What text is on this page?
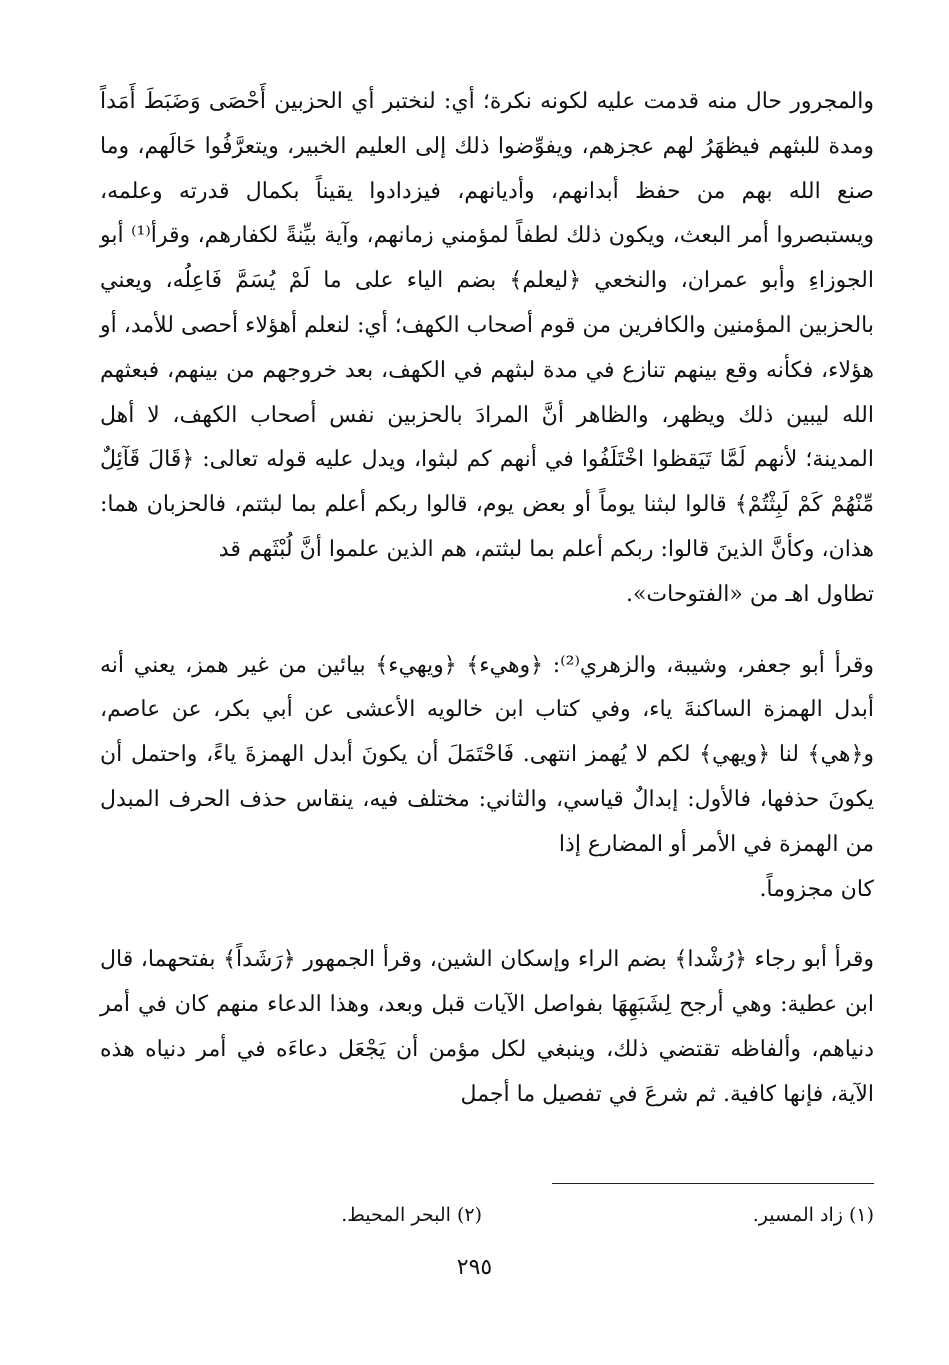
والمجرور حال منه قدمت عليه لكونه نكرة؛ أي: لنختبر أي الحزبين أَحْصَى وَضَبَطَ أَمَداً ومدة للبثهم فيظهَرُ لهم عجزهم، ويفوِّضوا ذلك إلى العليم الخبير، ويتعرَّفُوا حَالَهم، وما صنع الله بهم من حفظ أبدانهم، وأديانهم، فيزدادوا يقيناً بكمال قدرته وعلمه، ويستبصروا أمر البعث، ويكون ذلك لطفاً لمؤمني زمانهم، وآية بيِّنةً لكفارهم، وقرأ⁽¹⁾ أبو الجوزاءِ وأبو عمران، والنخعي ﴿ليعلم﴾ بضم الياء على ما لَمْ يُسَمَّ فَاعِلُه، ويعني بالحزبين المؤمنين والكافرين من قوم أصحاب الكهف؛ أي: لنعلم أهؤلاء أحصى للأمد، أو هؤلاء، فكأنه وقع بينهم تنازع في مدة لبثهم في الكهف، بعد خروجهم من بينهم، فبعثهم الله ليبين ذلك ويظهر، والظاهر أنَّ المرادَ بالحزبين نفس أصحاب الكهف، لا أهل المدينة؛ لأنهم لَمَّا تَيَقظوا اخْتَلَفُوا في أنهم كم لبثوا، ويدل عليه قوله تعالى: ﴿قَالَ قَآئِلٌ مِّنْهُمْ كَمْ لَبِثْتُمْ﴾ قالوا لبثنا يوماً أو بعض يوم، قالوا ربكم أعلم بما لبثتم، فالحزبان هما: هذان، وكأنَّ الذينَ قالوا: ربكم أعلم بما لبثتم، هم الذين علموا أنَّ لُبْثَهم قد
تطاول اهـ من «الفتوحات».

وقرأ أبو جعفر، وشيبة، والزهري⁽²⁾: ﴿وهيء﴾ ﴿ويهيء﴾ بيائين من غير همز، يعني أنه أبدل الهمزة الساكنةَ ياء، وفي كتاب ابن خالويه الأعشى عن أبي بكر، عن عاصم، و﴿هي﴾ لنا ﴿ويهي﴾ لكم لا يُهمز انتهى. فَاحْتَمَلَ أن يكونَ أبدل الهمزةَ ياءً، واحتمل أن يكونَ حذفها، فالأول: إبدالٌ قياسي، والثاني: مختلف فيه، ينقاس حذف الحرف المبدل من الهمزة في الأمر أو المضارع إذا
كان مجزوماً.

وقرأ أبو رجاء ﴿رُشْدا﴾ بضم الراء وإسكان الشين، وقرأ الجمهور ﴿رَشَداً﴾ بفتحهما، قال ابن عطية: وهي أرجح لِشَبَهِهَا بفواصل الآيات قبل وبعد، وهذا الدعاء منهم كان في أمر دنياهم، وألفاظه تقتضي ذلك، وينبغي لكل مؤمن أن يَجْعَل دعاءَه في أمر دنياه هذه الآية، فإنها كافية. ثم شرعَ في تفصيل ما أجمل

(١) زاد المسير.
(٢) البحر المحيط.
٢٩٥
